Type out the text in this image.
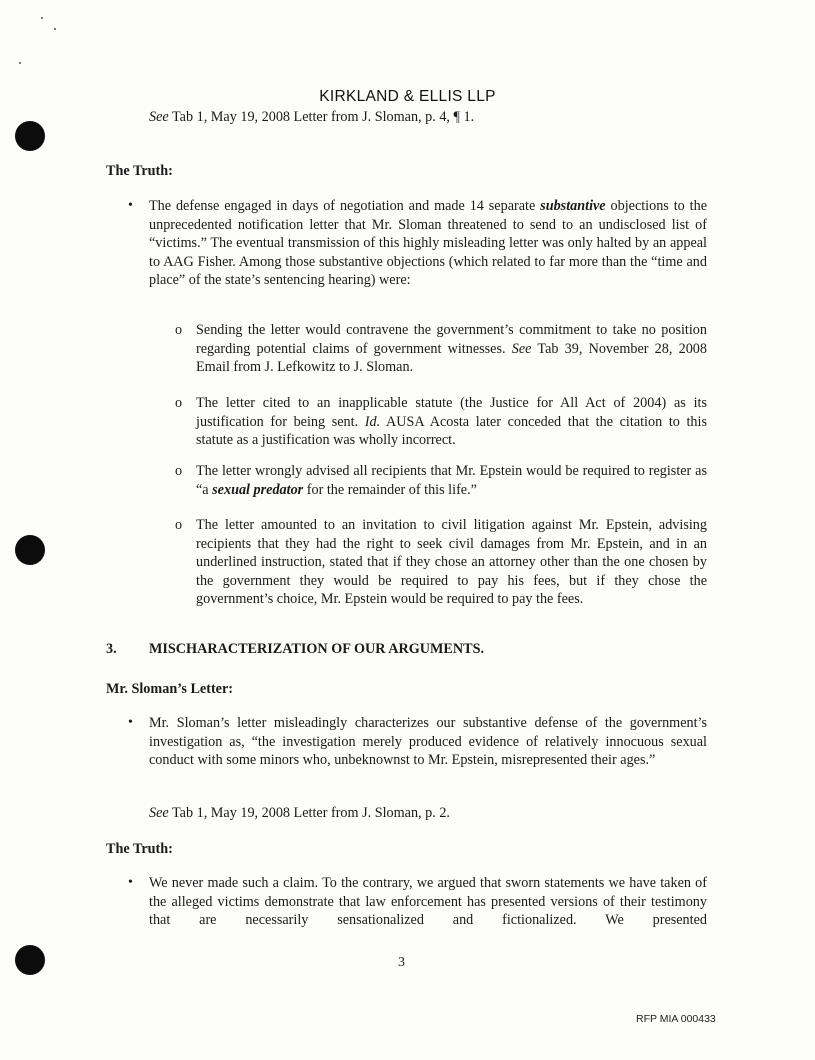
KIRKLAND & ELLIS LLP
See Tab 1, May 19, 2008 Letter from J. Sloman, p. 4, ¶ 1.
The Truth:
• The defense engaged in days of negotiation and made 14 separate substantive objections to the unprecedented notification letter that Mr. Sloman threatened to send to an undisclosed list of “victims.” The eventual transmission of this highly misleading letter was only halted by an appeal to AAG Fisher. Among those substantive objections (which related to far more than the “time and place” of the state’s sentencing hearing) were:
o Sending the letter would contravene the government’s commitment to take no position regarding potential claims of government witnesses. See Tab 39, November 28, 2008 Email from J. Lefkowitz to J. Sloman.
o The letter cited to an inapplicable statute (the Justice for All Act of 2004) as its justification for being sent. Id. AUSA Acosta later conceded that the citation to this statute as a justification was wholly incorrect.
o The letter wrongly advised all recipients that Mr. Epstein would be required to register as “a sexual predator for the remainder of this life.”
o The letter amounted to an invitation to civil litigation against Mr. Epstein, advising recipients that they had the right to seek civil damages from Mr. Epstein, and in an underlined instruction, stated that if they chose an attorney other than the one chosen by the government they would be required to pay his fees, but if they chose the government’s choice, Mr. Epstein would be required to pay the fees.
3. MISCHARACTERIZATION OF OUR ARGUMENTS.
Mr. Sloman’s Letter:
• Mr. Sloman’s letter misleadingly characterizes our substantive defense of the government’s investigation as, “the investigation merely produced evidence of relatively innocuous sexual conduct with some minors who, unbeknownst to Mr. Epstein, misrepresented their ages.”
See Tab 1, May 19, 2008 Letter from J. Sloman, p. 2.
The Truth:
• We never made such a claim. To the contrary, we argued that sworn statements we have taken of the alleged victims demonstrate that law enforcement has presented versions of their testimony that are necessarily sensationalized and fictionalized. We presented
3
RFP MIA 000433
